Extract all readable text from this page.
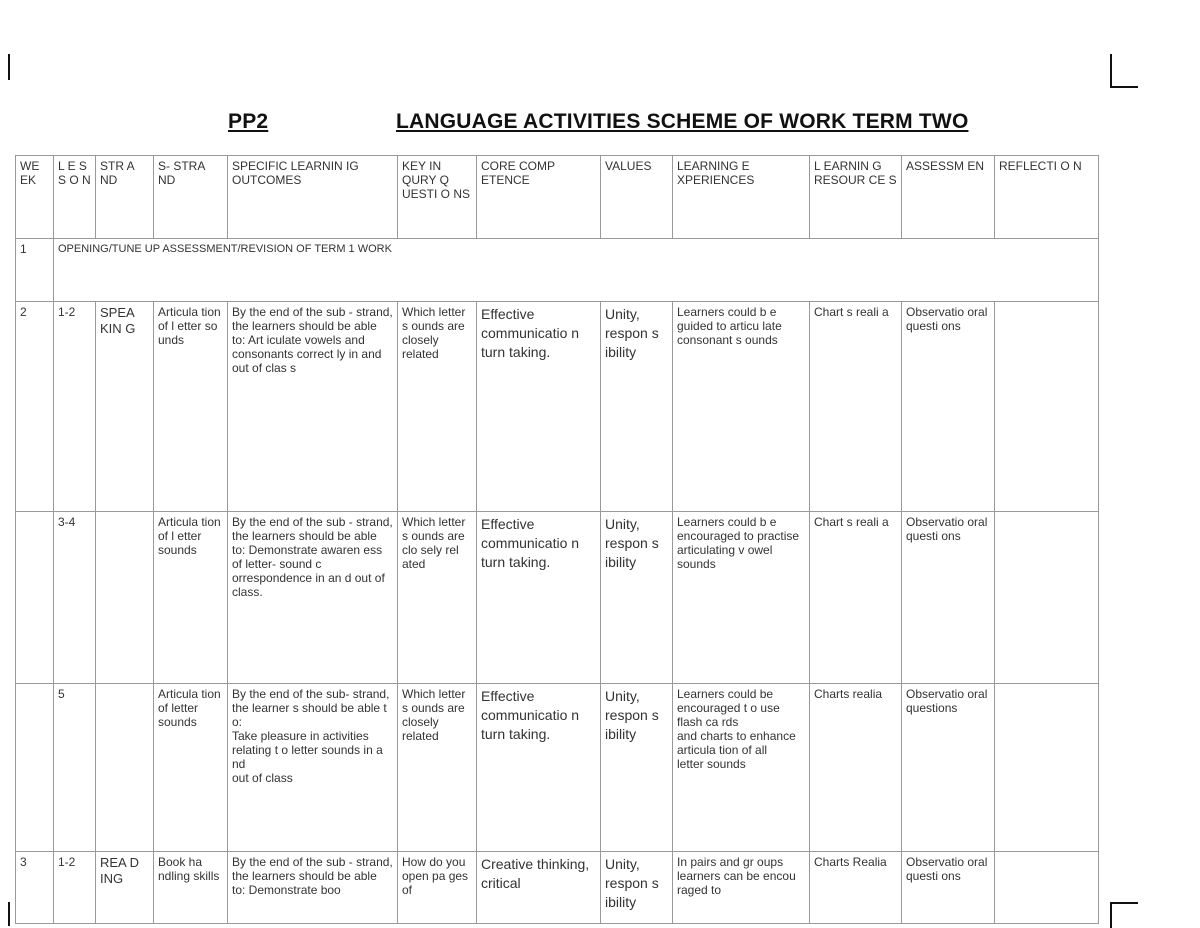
PP2	LANGUAGE ACTIVITIES SCHEME OF WORK TERM TWO
WE EK	L E S S O N	STR A ND	S- STRA ND	SPECIFIC LEARNIN IG OUTCOMES	KEY IN QURY Q UESTI O NS	CORE COMP ETENCE	VALUES	LEARNING E XPERIENCES	L EARNIN G RESOUR CE S	ASSESSM EN	REFLECTI O N
1	OPENING/TUNE UP ASSESSMENT/REVISION OF TERM 1 WORK										
2	1-2	SPEA KIN G	Articula tion of l etter so unds	By the end of the sub - strand, the learners should be able to: Art iculate vowels and consonants correct ly in and out of clas s	Which letter s ounds are closely related	Effective communicatio n turn taking.	Unity, respon s ibility	Learners could b e guided to articu late consonant s ounds	Chart s reali a	Observatio oral questi ons	
	3-4		Articula tion of l etter sounds	By the end of the sub - strand, the learners should be able to: Demonstrate awaren ess of letter- sound c orrespondence in an d out of class.	Which letter s ounds are clo sely rel ated	Effective communicatio n turn taking.	Unity, respon s ibility	Learners could b e encouraged to practise articulating v owel sounds	Chart s reali a	Observatio oral questi ons	
	5		Articula tion of letter sounds	By the end of the sub- strand, the learner s should be able t o:
Take pleasure in activities relating t o letter sounds in a nd
out of class	Which letter s ounds are closely related	Effective communicatio n turn taking.	Unity, respon s ibility	Learners could be encouraged t o use flash ca rds
and charts to enhance articula tion of all
letter sounds	Charts realia	Observatio oral questions	
3	1-2	REA D ING	Book ha ndling skills	By the end of the sub - strand, the learners should be able to: Demonstrate boo	How do you open pa ges of	Creative thinking, critical	Unity, respon s ibility	In pairs and gr oups learners can be encou raged to	Charts Realia	Observatio oral questi ons	
